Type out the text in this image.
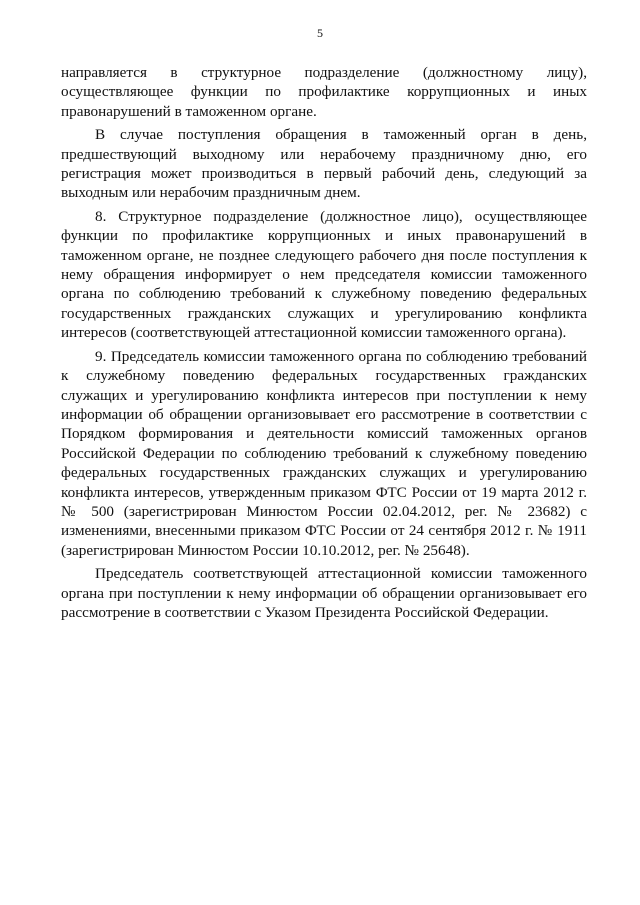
5

направляется в структурное подразделение (должностному лицу), осуществляющее функции по профилактике коррупционных и иных правонарушений в таможенном органе.

В случае поступления обращения в таможенный орган в день, предшествующий выходному или нерабочему праздничному дню, его регистрация может производиться в первый рабочий день, следующий за выходным или нерабочим праздничным днем.

8. Структурное подразделение (должностное лицо), осуществляющее функции по профилактике коррупционных и иных правонарушений в таможенном органе, не позднее следующего рабочего дня после поступления к нему обращения информирует о нем председателя комиссии таможенного органа по соблюдению требований к служебному поведению федеральных государственных гражданских служащих и урегулированию конфликта интересов (соответствующей аттестационной комиссии таможенного органа).

9. Председатель комиссии таможенного органа по соблюдению требований к служебному поведению федеральных государственных гражданских служащих и урегулированию конфликта интересов при поступлении к нему информации об обращении организовывает его рассмотрение в соответствии с Порядком формирования и деятельности комиссий таможенных органов Российской Федерации по соблюдению требований к служебному поведению федеральных государственных гражданских служащих и урегулированию конфликта интересов, утвержденным приказом ФТС России от 19 марта 2012 г. № 500 (зарегистрирован Минюстом России 02.04.2012, рег. № 23682) с изменениями, внесенными приказом ФТС России от 24 сентября 2012 г. № 1911 (зарегистрирован Минюстом России 10.10.2012, рег. № 25648).

Председатель соответствующей аттестационной комиссии таможенного органа при поступлении к нему информации об обращении организовывает его рассмотрение в соответствии с Указом Президента Российской Федерации.
